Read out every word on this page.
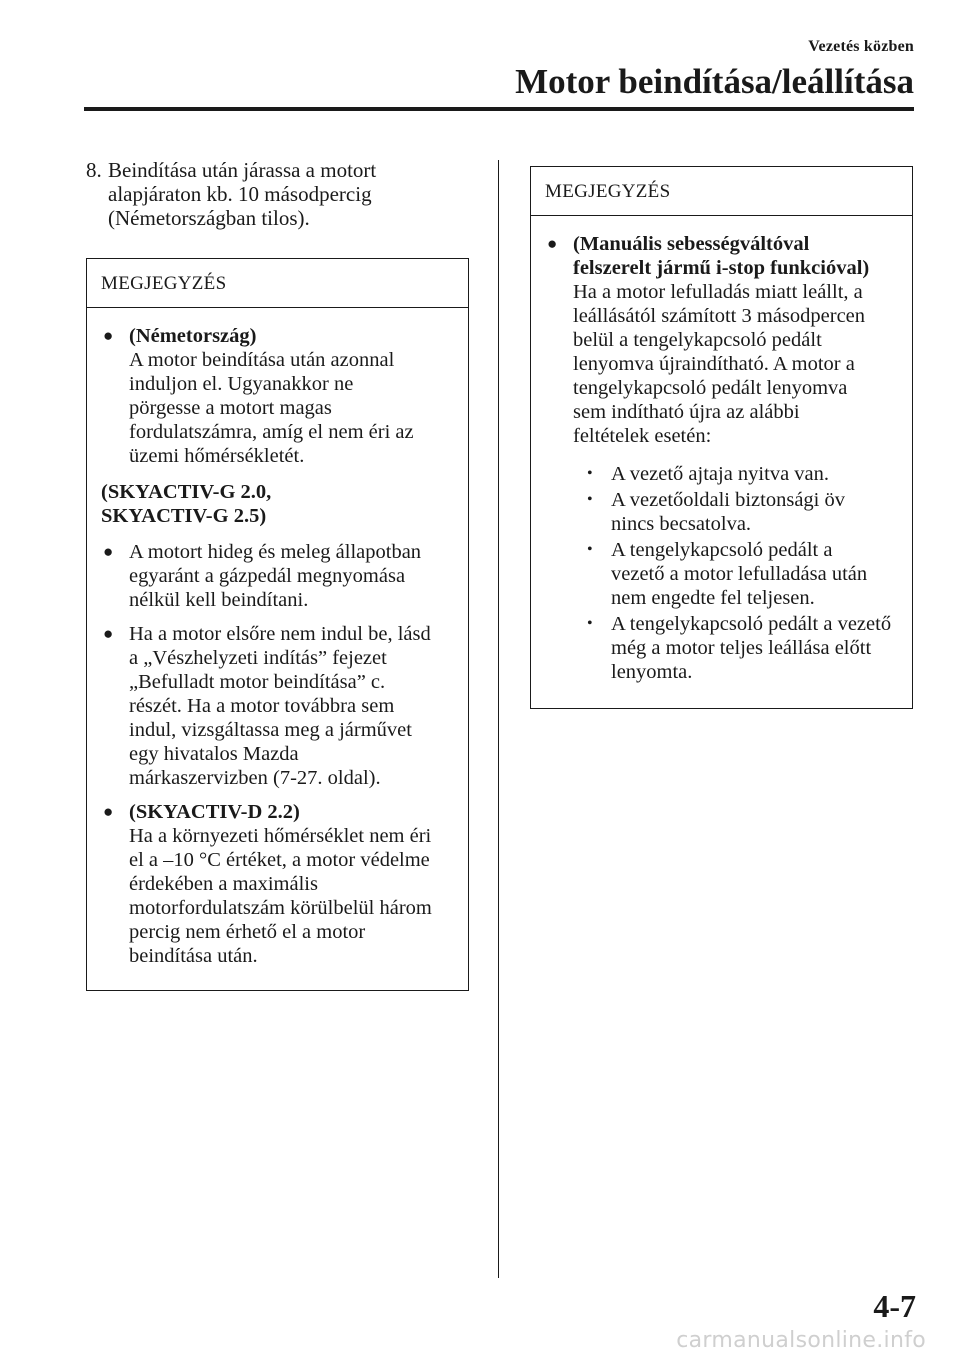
Vezetés közben
Motor beindítása/leállítása
8. Beindítása után járassa a motort
alapjáraton kb. 10 másodpercig
(Németországban tilos).
MEGJEGYZÉS
● (Németország)
A motor beindítása után azonnal
induljon el. Ugyanakkor ne
pörgesse a motort magas
fordulatszámra, amíg el nem éri az
üzemi hőmérsékletét.
(SKYACTIV-G 2.0,
SKYACTIV-G 2.5)
● A motort hideg és meleg állapotban
egyaránt a gázpedál megnyomása
nélkül kell beindítani.
● Ha a motor elsőre nem indul be, lásd
a „Vészhelyzeti indítás” fejezet
„Befulladt motor beindítása” c.
részét. Ha a motor továbbra sem
indul, vizsgáltassa meg a járművet
egy hivatalos Mazda
márkaszervizben (7-27. oldal).
● (SKYACTIV-D 2.2)
Ha a környezeti hőmérséklet nem éri
el a –10 °C értéket, a motor védelme
érdekében a maximális
motorfordulatszám körülbelül három
percig nem érhető el a motor
beindítása után.
MEGJEGYZÉS
● (Manuális sebességváltóval
felszerelt jármű i-stop funkcióval)
Ha a motor lefulladás miatt leállt, a
leállásától számított 3 másodpercen
belül a tengelykapcsoló pedált
lenyomva újraindítható. A motor a
tengelykapcsoló pedált lenyomva
sem indítható újra az alábbi
feltételek esetén:
• A vezető ajtaja nyitva van.
• A vezetőoldali biztonsági öv
nincs becsatolva.
• A tengelykapcsoló pedált a
vezető a motor lefulladása után
nem engedte fel teljesen.
• A tengelykapcsoló pedált a vezető
még a motor teljes leállása előtt
lenyomta.
4-7
carmanualsonline.info
